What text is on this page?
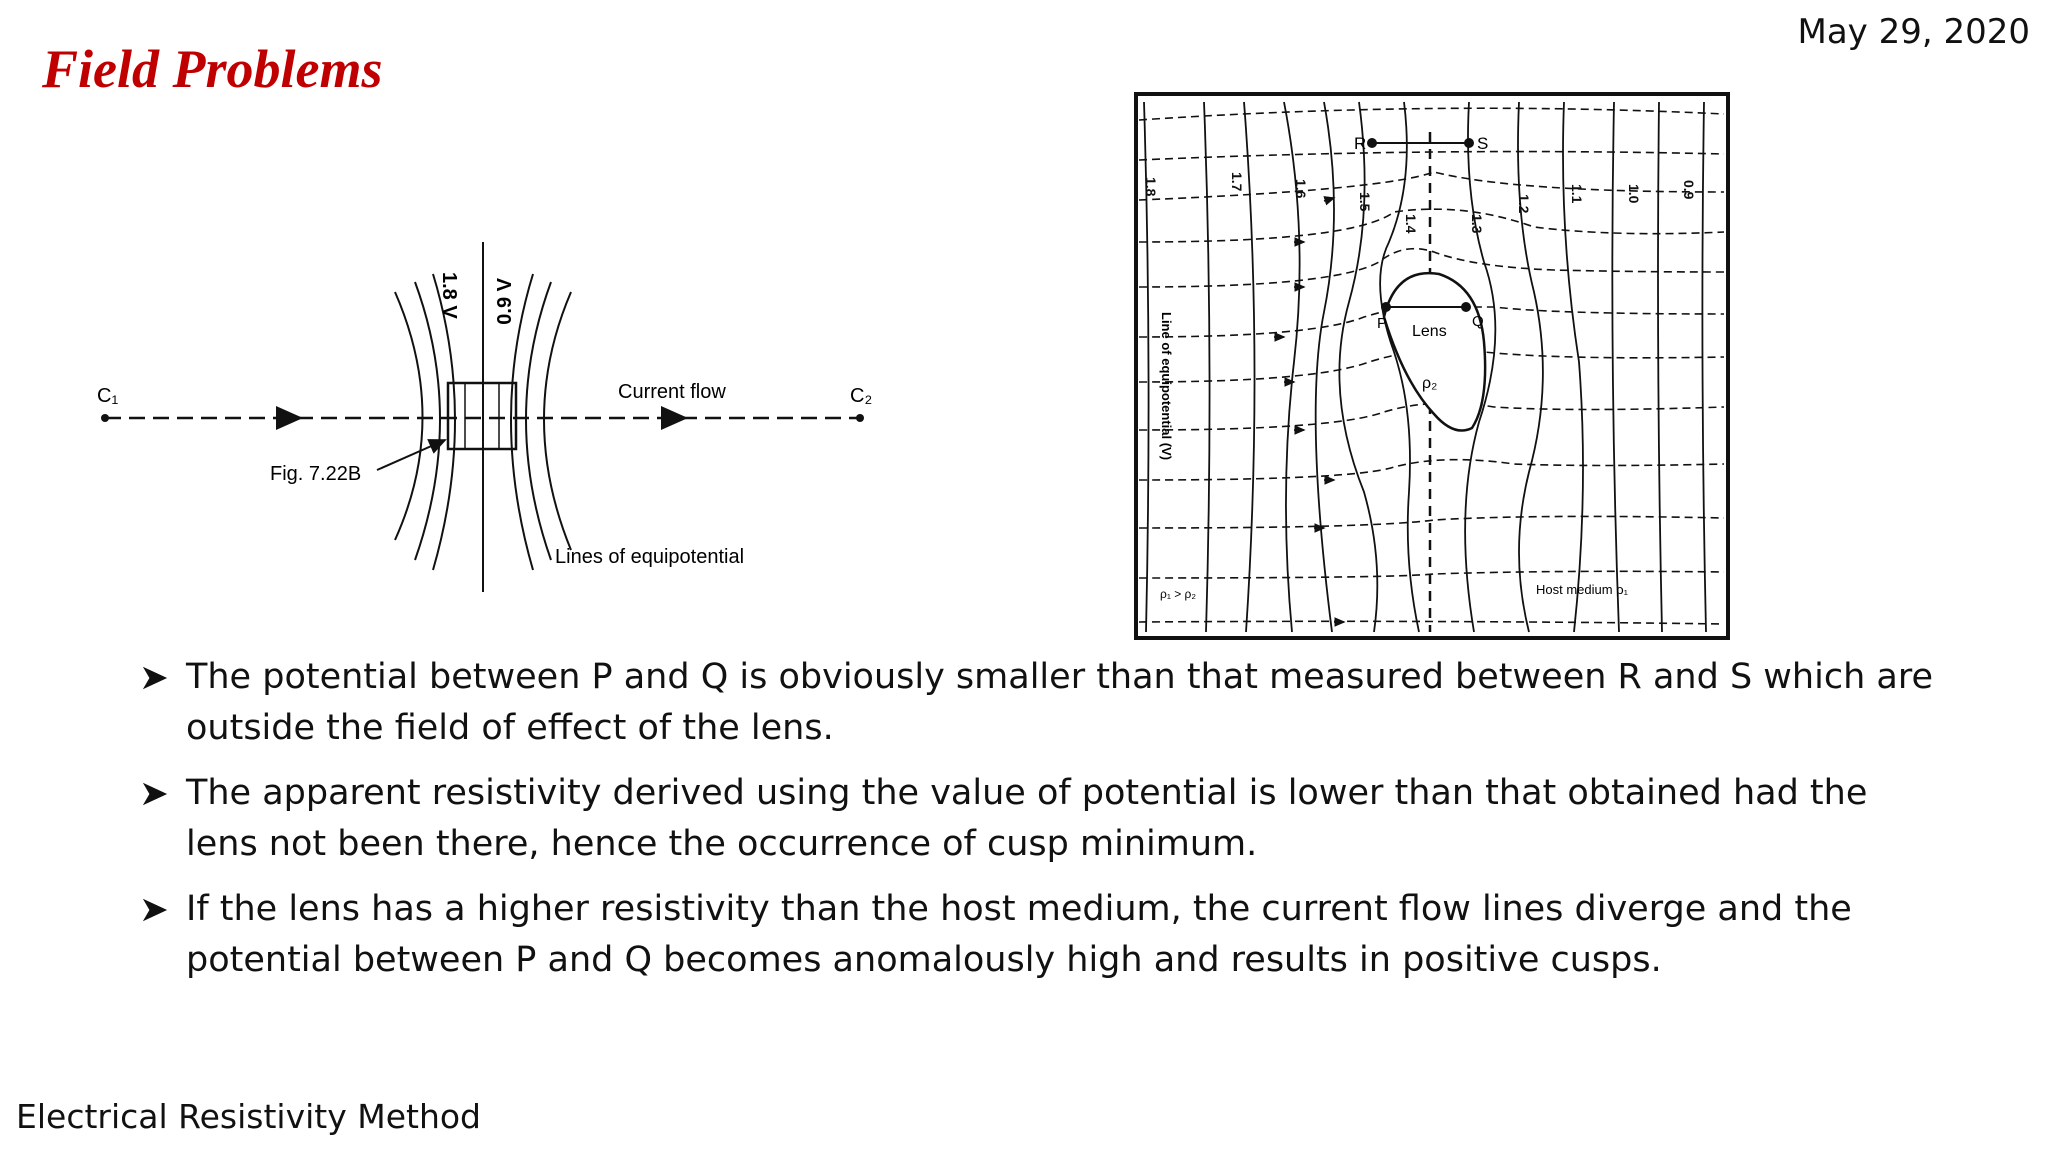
May 29, 2020
Field Problems
C₁	C₂
Current flow
Fig. 7.22B
Lines of equipotential
1.8 V 0.9 V
1.8	1.7	1.6
1.5
1.4	1.3
1.2
1.1	1.0	0.9
R	S
P	Q
Lens
ρ₂
Line of equipotential (V)
ρ₁ > ρ₂	Host medium ρ₁
The potential between P and Q is obviously smaller than that measured between R and S which are outside the field of effect of the lens.
The apparent resistivity derived using the value of potential is lower than that obtained had the lens not been there, hence the occurrence of cusp minimum.
If the lens has a higher resistivity than the host medium, the current flow lines diverge and the potential between P and Q becomes anomalously high and results in positive cusps.
Electrical Resistivity Method
